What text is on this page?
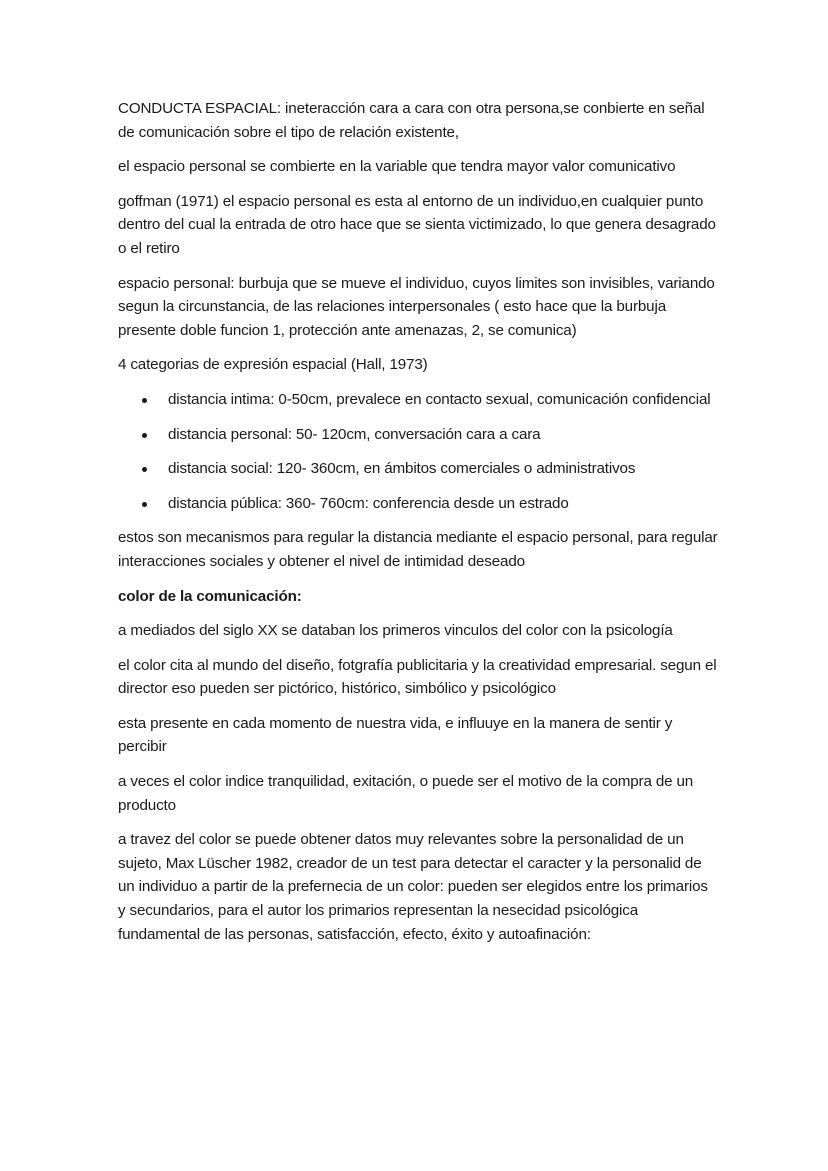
CONDUCTA ESPACIAL: ineteracción cara a cara con otra persona,se conbierte en señal de comunicación sobre el tipo de relación existente,

el espacio personal se combierte en la variable que tendra mayor valor comunicativo

goffman (1971) el espacio personal es esta al entorno de un individuo,en cualquier punto dentro del cual la entrada de otro hace que se sienta victimizado, lo que genera desagrado o el retiro

espacio personal: burbuja que se mueve el individuo, cuyos limites son invisibles, variando segun la circunstancia, de las relaciones interpersonales ( esto hace que la burbuja presente doble funcion 1, protección ante amenazas, 2, se comunica)

4 categorias de expresión espacial (Hall, 1973)

distancia intima: 0-50cm, prevalece en contacto sexual, comunicación confidencial
distancia personal: 50- 120cm, conversación cara a cara
distancia social: 120- 360cm, en ámbitos comerciales o administrativos
distancia pública: 360- 760cm: conferencia desde un estrado

estos son mecanismos para regular la distancia mediante el espacio personal, para regular interacciones sociales y obtener el nivel de intimidad deseado

color de la comunicación:

a mediados del siglo XX se databan los primeros vinculos del color con la psicología

el color cita al mundo del diseño, fotgrafía publicitaria y la creatividad empresarial. segun el director eso pueden ser pictórico, histórico, simbólico y psicológico

esta presente en cada momento de nuestra vida, e influuye en la manera de sentir y percibir

a veces el color indice tranquilidad, exitación, o puede ser el motivo de la compra de un producto

a travez del color se puede obtener datos muy relevantes sobre la personalidad de un sujeto, Max Lüscher 1982, creador de un test para detectar el caracter y la personalid de un individuo a partir de la prefernecia de un color: pueden ser elegidos entre los primarios y secundarios, para el autor los primarios representan la nesecidad psicológica fundamental de las personas, satisfacción, efecto, éxito y autoafinación:
